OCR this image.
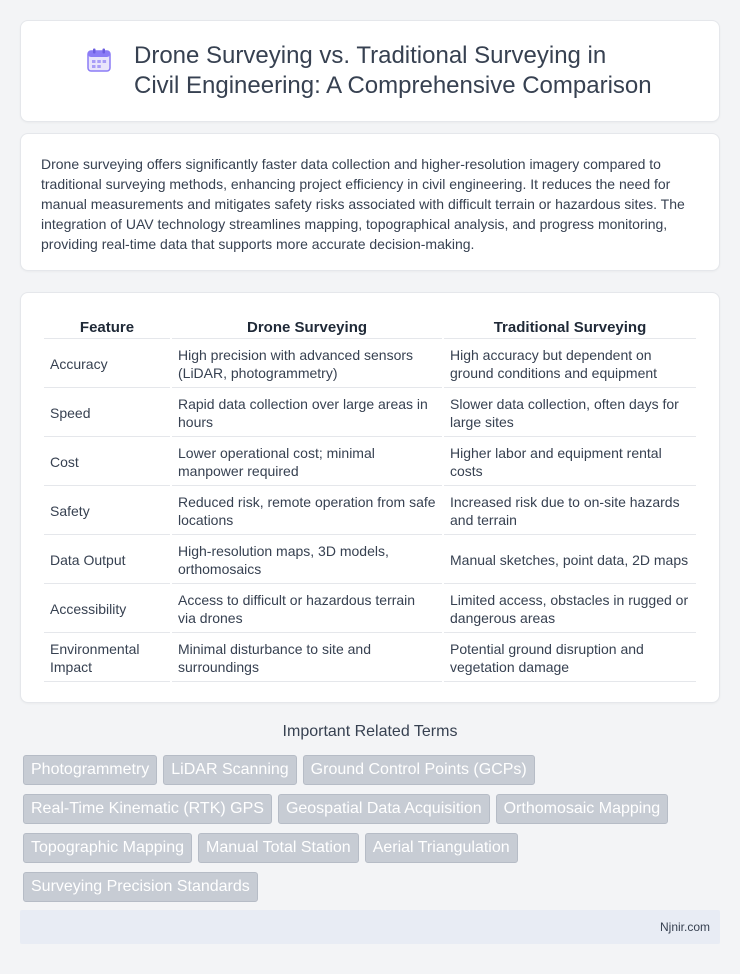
Drone Surveying vs. Traditional Surveying in Civil Engineering: A Comprehensive Comparison

Drone surveying offers significantly faster data collection and higher-resolution imagery compared to traditional surveying methods, enhancing project efficiency in civil engineering. It reduces the need for manual measurements and mitigates safety risks associated with difficult terrain or hazardous sites. The integration of UAV technology streamlines mapping, topographical analysis, and progress monitoring, providing real-time data that supports more accurate decision-making.

Feature	Drone Surveying	Traditional Surveying
Accuracy	High precision with advanced sensors (LiDAR, photogrammetry)	High accuracy but dependent on ground conditions and equipment
Speed	Rapid data collection over large areas in hours	Slower data collection, often days for large sites
Cost	Lower operational cost; minimal manpower required	Higher labor and equipment rental costs
Safety	Reduced risk, remote operation from safe locations	Increased risk due to on-site hazards and terrain
Data Output	High-resolution maps, 3D models, orthomosaics	Manual sketches, point data, 2D maps
Accessibility	Access to difficult or hazardous terrain via drones	Limited access, obstacles in rugged or dangerous areas
Environmental Impact	Minimal disturbance to site and surroundings	Potential ground disruption and vegetation damage
Important Related Terms
Photogrammetry	LiDAR Scanning	Ground Control Points (GCPs)
Real-Time Kinematic (RTK) GPS	Geospatial Data Acquisition	Orthomosaic Mapping
Topographic Mapping	Manual Total Station	Aerial Triangulation
Surveying Precision Standards
Njnir.com
